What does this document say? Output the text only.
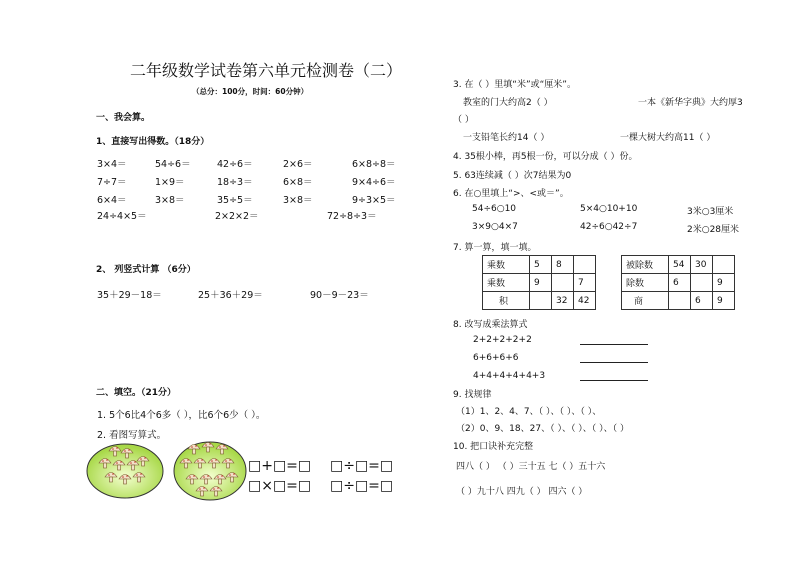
二年级数学试卷第六单元检测卷（二）
（总分：100分，时间：60分钟）
一、我会算。
1、直接写出得数。（18分）
3×4＝	54÷6＝	42÷6＝	2×6＝	6×8÷8＝
7÷7＝	1×9＝	18÷3＝	6×8＝	9×4÷6＝
6×4＝	3×8＝	35÷5＝	3×8＝	9÷3×5＝
24÷4×5＝	2×2×2＝	72÷8÷3＝
2、 列竖式计算 （6分）
35＋29－18＝	25＋36＋29＝	90－9－23＝
二、填空。（21分）
1. 5个6比4个6多（ ），比6个6少（ ）。
2. 看图写算式。
□+□=□ □÷□=□
□×□=□ □÷□=□
3. 在（ ）里填“米”或“厘米”。
教室的门大约高2（ ）	一本《新华字典》大约厚3
（ ）
一支铅笔长约14（ ）	一棵大树大约高11（ ）
4. 35根小棒，再5根一份，可以分成（ ）份。
5. 63连续减（ ）次7结果为0
6. 在○里填上“>、<或＝”。
54÷6○10	5×4○10+10	3米○3厘米
3×9○4×7	42÷6○42÷7	2米○28厘米
7. 算一算，填一填。
乘数	5	8	
乘数	9		7
积		32	42
被除数	54	30	
除数	6		9
商		6	9
8. 改写成乘法算式
2+2+2+2+2
6+6+6+6
4+4+4+4+4+3
9. 找规律
（1）1、2、4、7、（ ）、（ ）、（ ）、
（2）0、9、18、27、（ ）、（ ）、（ ）、（ ）
10. 把口诀补充完整
四八（ ） （ ）三十五 七（ ）五十六
（ ）九十八 四九（ ） 四六（ ）
